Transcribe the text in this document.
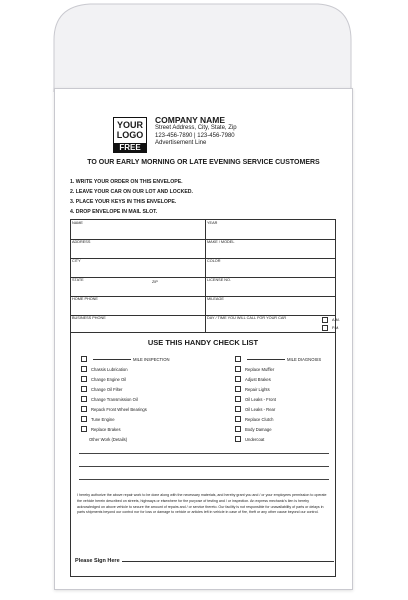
YOUR
LOGO
FREE
COMPANY NAME
Street Address, City, State, Zip
123-456-7890 | 123-456-7980
Advertisement Line
TO OUR EARLY MORNING OR LATE EVENING SERVICE CUSTOMERS
1. WRITE YOUR ORDER ON THIS ENVELOPE.
2. LEAVE YOUR CAR ON OUR LOT AND LOCKED.
3. PLACE YOUR KEYS IN THIS ENVELOPE.
4. DROP ENVELOPE IN MAIL SLOT.
NAME	YEAR
ADDRESS	MAKE / MODEL
CITY	COLOR
STATE	ZIP	LICENSE NO.
HOME PHONE	MILEAGE
BUSINESS PHONE	DAY / TIME YOU WILL CALL FOR YOUR CAR	A.M.
P.M.
USE THIS HANDY CHECK LIST
MILE INSPECTION
Chassis Lubrication
Change Engine Oil
Change Oil Filter
Change Transmission Oil
Repack Front Wheel Bearings
Tune Engine
Replace Brakes
Other Work (Details)
MILE DIAGNOSIS
Replace Muffler
Adjust Brakes
Repair Lights
Oil Leaks - Front
Oil Leaks - Rear
Replace Clutch
Body Damage
Undercoat
I hereby authorize the above repair work to be done along with the necessary materials, and hereby grant you and / or your employees permission to operate the vehicle herein described on streets, highways or elsewhere for the purpose of testing and / or inspection. An express mechanic's lien is hereby acknowledged on above vehicle to secure the amount of repairs and / or service thereto. Our facility is not responsible for unavailability of parts or delays in parts shipments beyond our control nor for loss or damage to vehicle or articles left in vehicle in case of fire, theft or any other cause beyond our control.
Please Sign Here
